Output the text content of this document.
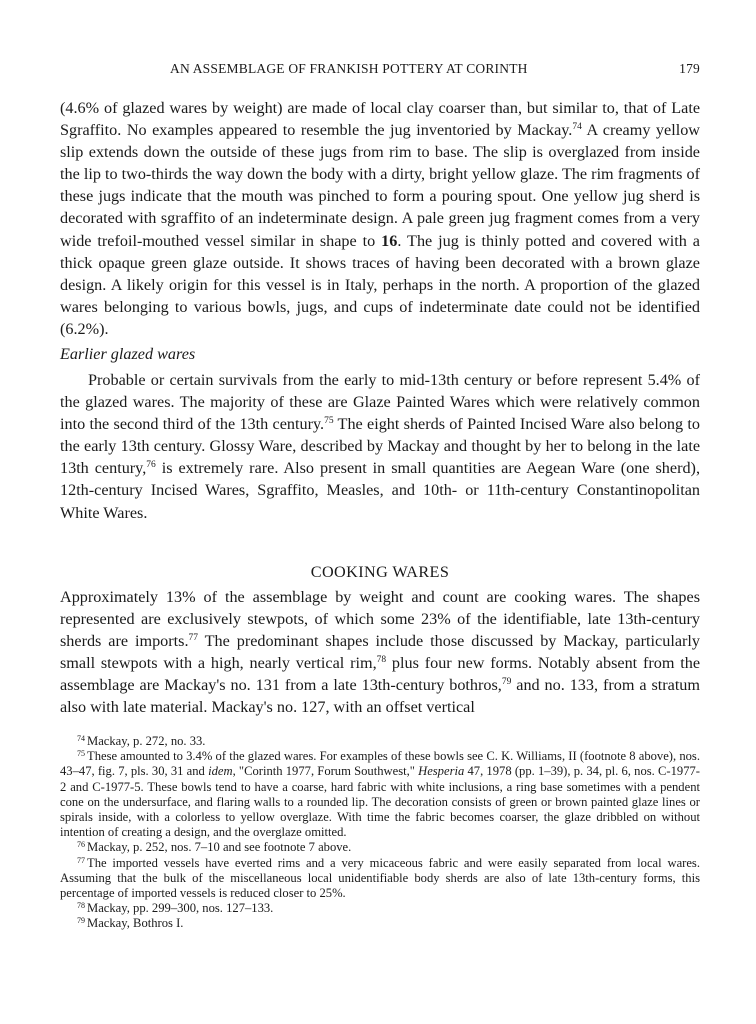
AN ASSEMBLAGE OF FRANKISH POTTERY AT CORINTH	179

(4.6% of glazed wares by weight) are made of local clay coarser than, but similar to, that of Late Sgraffito. No examples appeared to resemble the jug inventoried by Mackay.$^{74}$ A creamy yellow slip extends down the outside of these jugs from rim to base. The slip is overglazed from inside the lip to two-thirds the way down the body with a dirty, bright yellow glaze. The rim fragments of these jugs indicate that the mouth was pinched to form a pouring spout. One yellow jug sherd is decorated with sgraffito of an indeterminate design. A pale green jug fragment comes from a very wide trefoil-mouthed vessel similar in shape to 16. The jug is thinly potted and covered with a thick opaque green glaze outside. It shows traces of having been decorated with a brown glaze design. A likely origin for this vessel is in Italy, perhaps in the north. A proportion of the glazed wares belonging to various bowls, jugs, and cups of indeterminate date could not be identified (6.2%).

Earlier glazed wares

Probable or certain survivals from the early to mid-13th century or before represent 5.4% of the glazed wares. The majority of these are Glaze Painted Wares which were relatively common into the second third of the 13th century.$^{75}$ The eight sherds of Painted Incised Ware also belong to the early 13th century. Glossy Ware, described by Mackay and thought by her to belong in the late 13th century,$^{76}$ is extremely rare. Also present in small quantities are Aegean Ware (one sherd), 12th-century Incised Wares, Sgraffito, Measles, and 10th- or 11th-century Constantinopolitan White Wares.

COOKING WARES

Approximately 13% of the assemblage by weight and count are cooking wares. The shapes represented are exclusively stewpots, of which some 23% of the identifiable, late 13th-century sherds are imports.$^{77}$ The predominant shapes include those discussed by Mackay, particularly small stewpots with a high, nearly vertical rim,$^{78}$ plus four new forms. Notably absent from the assemblage are Mackay's no. 131 from a late 13th-century bothros,$^{79}$ and no. 133, from a stratum also with late material. Mackay's no. 127, with an offset vertical

$^{74}$ Mackay, p. 272, no. 33.

$^{75}$ These amounted to 3.4% of the glazed wares. For examples of these bowls see C. K. Williams, II (footnote 8 above), nos. 43–47, fig. 7, pls. 30, 31 and idem, "Corinth 1977, Forum Southwest," Hesperia 47, 1978 (pp. 1–39), p. 34, pl. 6, nos. C-1977-2 and C-1977-5. These bowls tend to have a coarse, hard fabric with white inclusions, a ring base sometimes with a pendent cone on the undersurface, and flaring walls to a rounded lip. The decoration consists of green or brown painted glaze lines or spirals inside, with a colorless to yellow overglaze. With time the fabric becomes coarser, the glaze dribbled on without intention of creating a design, and the overglaze omitted.

$^{76}$ Mackay, p. 252, nos. 7–10 and see footnote 7 above.

$^{77}$ The imported vessels have everted rims and a very micaceous fabric and were easily separated from local wares. Assuming that the bulk of the miscellaneous local unidentifiable body sherds are also of late 13th-century forms, this percentage of imported vessels is reduced closer to 25%.

$^{78}$ Mackay, pp. 299–300, nos. 127–133.

$^{79}$ Mackay, Bothros I.
